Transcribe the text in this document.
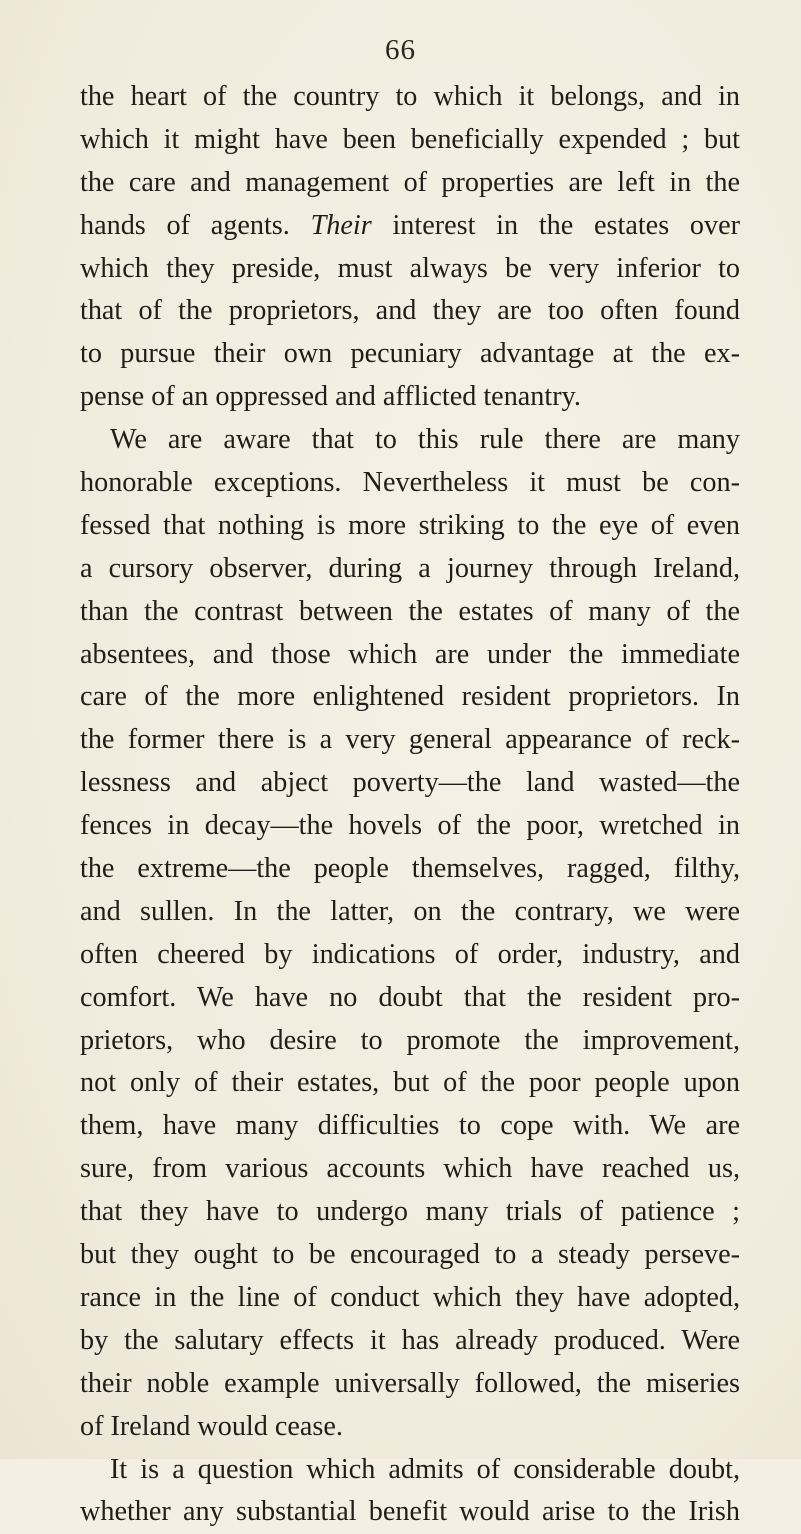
66
the heart of the country to which it belongs, and in
which it might have been beneficially expended ; but
the care and management of properties are left in the
hands of agents. Their interest in the estates over
which they preside, must always be very inferior to
that of the proprietors, and they are too often found
to pursue their own pecuniary advantage at the ex-
pense of an oppressed and afflicted tenantry.
We are aware that to this rule there are many
honorable exceptions. Nevertheless it must be con-
fessed that nothing is more striking to the eye of even
a cursory observer, during a journey through Ireland,
than the contrast between the estates of many of the
absentees, and those which are under the immediate
care of the more enlightened resident proprietors. In
the former there is a very general appearance of reck-
lessness and abject poverty—the land wasted—the
fences in decay—the hovels of the poor, wretched in
the extreme—the people themselves, ragged, filthy,
and sullen. In the latter, on the contrary, we were
often cheered by indications of order, industry, and
comfort. We have no doubt that the resident pro-
prietors, who desire to promote the improvement,
not only of their estates, but of the poor people upon
them, have many difficulties to cope with. We are
sure, from various accounts which have reached us,
that they have to undergo many trials of patience ;
but they ought to be encouraged to a steady perseve-
rance in the line of conduct which they have adopted,
by the salutary effects it has already produced. Were
their noble example universally followed, the miseries
of Ireland would cease.
It is a question which admits of considerable doubt,
whether any substantial benefit would arise to the Irish
